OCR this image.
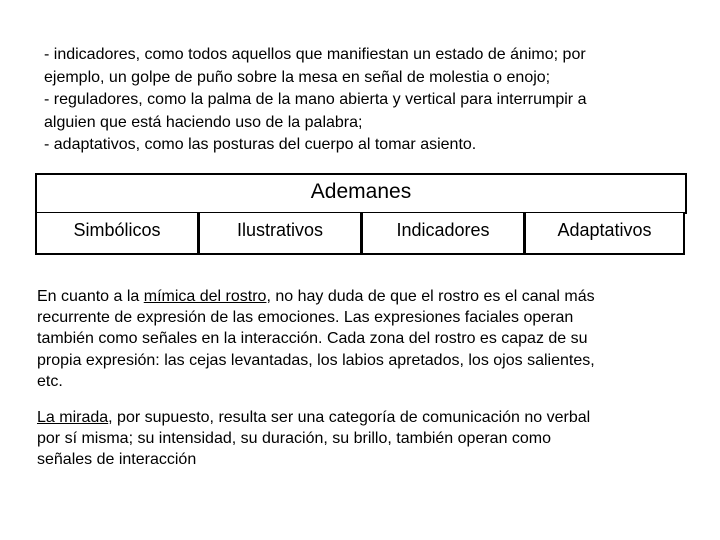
- indicadores, como todos aquellos que manifiestan un estado de ánimo; por
ejemplo, un golpe de puño sobre la mesa en señal de molestia o enojo;
- reguladores, como la palma de la mano abierta y vertical para interrumpir a
alguien que está haciendo uso de la palabra;
- adaptativos, como las posturas del cuerpo al tomar asiento.
Ademanes
Simbólicos	Ilustrativos	Indicadores	Adaptativos
En cuanto a la mímica del rostro, no hay duda de que el rostro es el canal más
recurrente de expresión de las emociones. Las expresiones faciales operan
también como señales en la interacción. Cada zona del rostro es capaz de su
propia expresión: las cejas levantadas, los labios apretados, los ojos salientes,
etc.
La mirada, por supuesto, resulta ser una categoría de comunicación no verbal
por sí misma; su intensidad, su duración, su brillo, también operan como
señales de interacción
